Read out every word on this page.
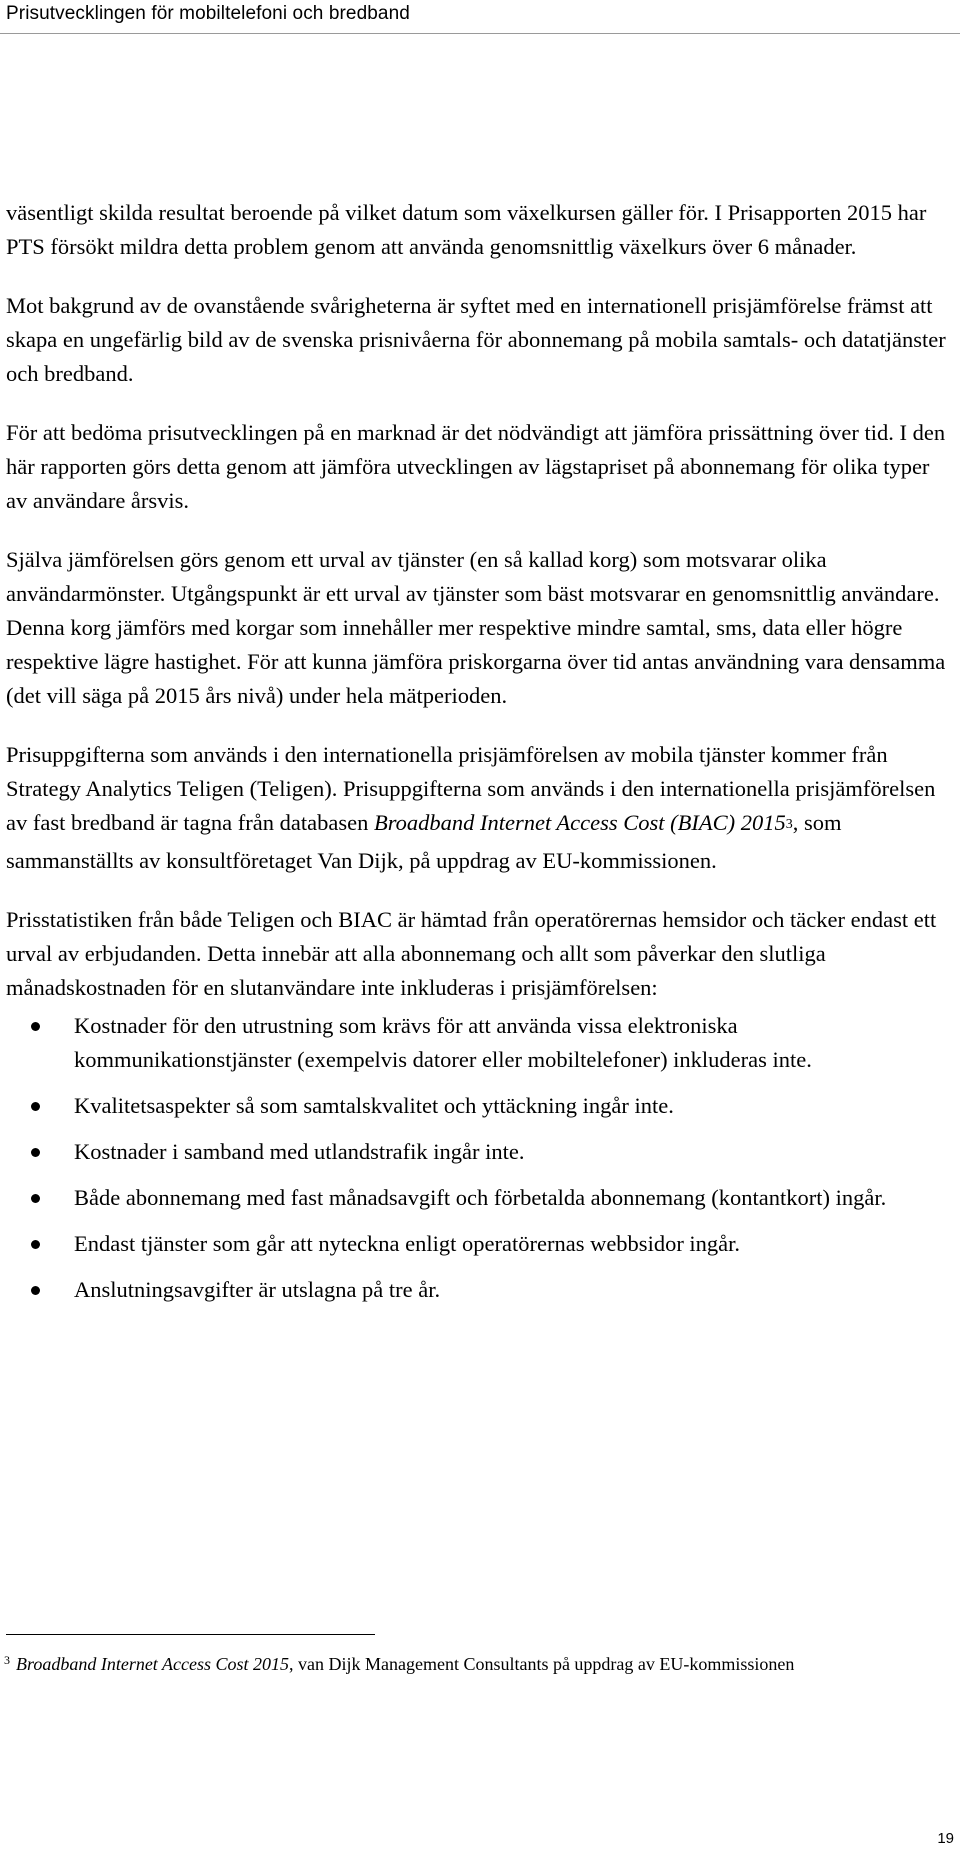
Prisutvecklingen för mobiltelefoni och bredband

väsentligt skilda resultat beroende på vilket datum som växelkursen gäller för. I Prisapporten 2015 har PTS försökt mildra detta problem genom att använda genomsnittlig växelkurs över 6 månader.

Mot bakgrund av de ovanstående svårigheterna är syftet med en internationell prisjämförelse främst att skapa en ungefärlig bild av de svenska prisnivåerna för abonnemang på mobila samtals- och datatjänster och bredband.

För att bedöma prisutvecklingen på en marknad är det nödvändigt att jämföra prissättning över tid. I den här rapporten görs detta genom att jämföra utvecklingen av lägstapriset på abonnemang för olika typer av användare årsvis.

Själva jämförelsen görs genom ett urval av tjänster (en så kallad korg) som motsvarar olika användarmönster. Utgångspunkt är ett urval av tjänster som bäst motsvarar en genomsnittlig användare. Denna korg jämförs med korgar som innehåller mer respektive mindre samtal, sms, data eller högre respektive lägre hastighet. För att kunna jämföra priskorgarna över tid antas användning vara densamma (det vill säga på 2015 års nivå) under hela mätperioden.

Prisuppgifterna som används i den internationella prisjämförelsen av mobila tjänster kommer från Strategy Analytics Teligen (Teligen). Prisuppgifterna som används i den internationella prisjämförelsen av fast bredband är tagna från databasen Broadband Internet Access Cost (BIAC) 20153, som sammanställts av konsultföretaget Van Dijk, på uppdrag av EU-kommissionen.

Prisstatistiken från både Teligen och BIAC är hämtad från operatörernas hemsidor och täcker endast ett urval av erbjudanden. Detta innebär att alla abonnemang och allt som påverkar den slutliga månadskostnaden för en slutanvändare inte inkluderas i prisjämförelsen:

Kostnader för den utrustning som krävs för att använda vissa elektroniska kommunikationstjänster (exempelvis datorer eller mobiltelefoner) inkluderas inte.
Kvalitetsaspekter så som samtalskvalitet och yttäckning ingår inte.
Kostnader i samband med utlandstrafik ingår inte.
Både abonnemang med fast månadsavgift och förbetalda abonnemang (kontantkort) ingår.
Endast tjänster som går att nyteckna enligt operatörernas webbsidor ingår.
Anslutningsavgifter är utslagna på tre år.
$^3$ Broadband Internet Access Cost 2015, van Dijk Management Consultants på uppdrag av EU-kommissionen
19
